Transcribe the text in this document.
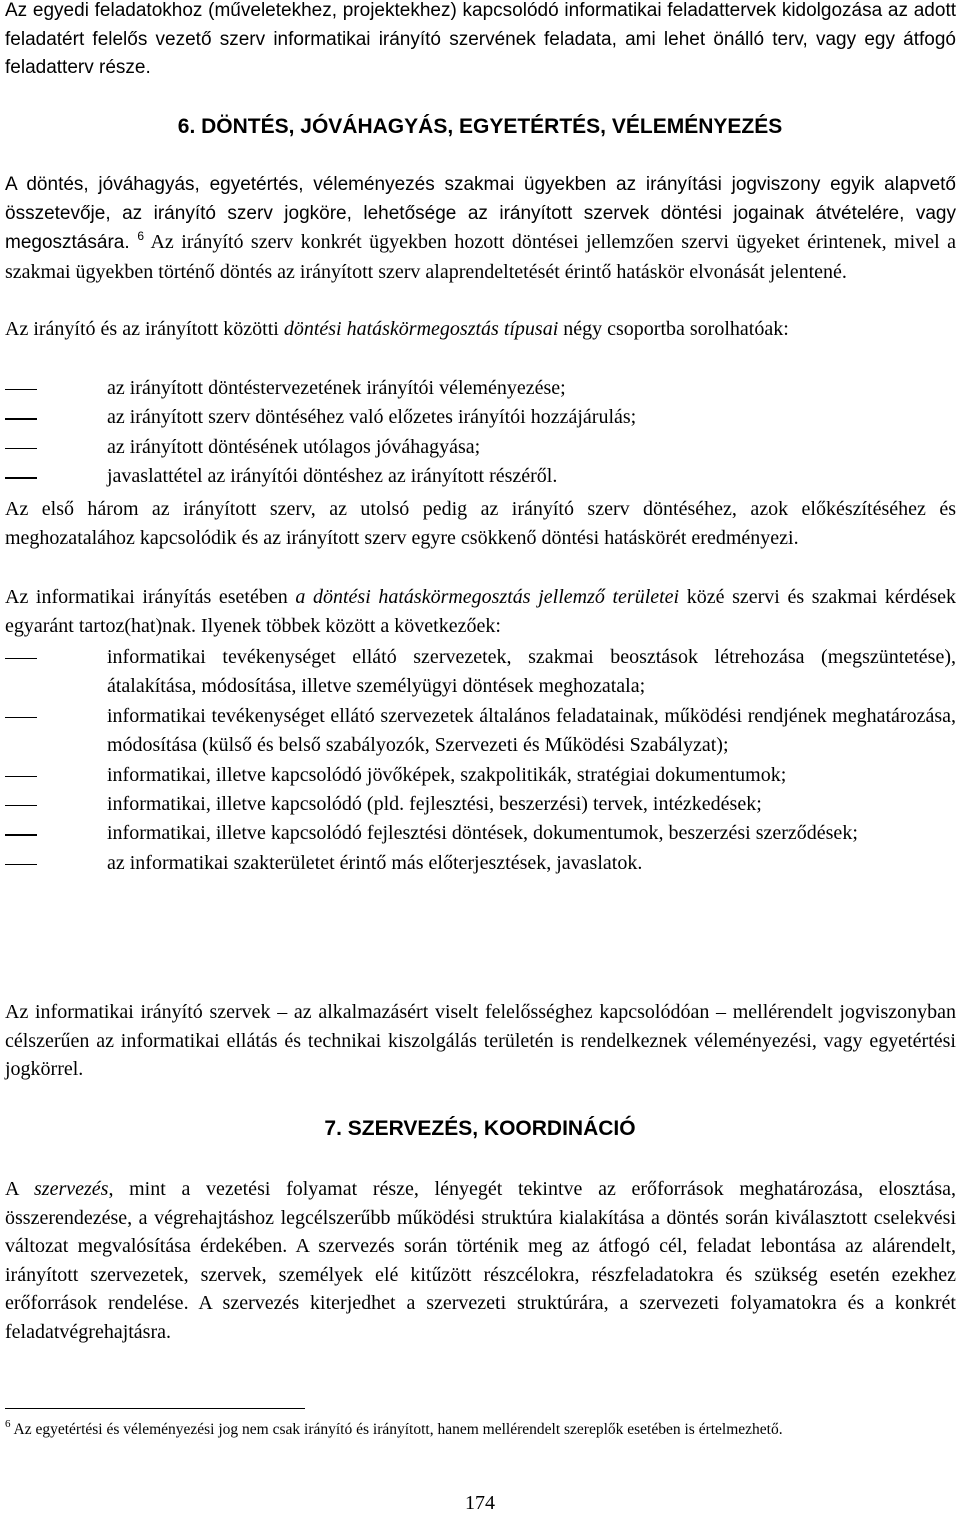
Az egyedi feladatokhoz (műveletekhez, projektekhez) kapcsolódó informatikai feladattervek kidolgozása az adott feladatért felelős vezető szerv informatikai irányító szervének feladata, ami lehet önálló terv, vagy egy átfogó feladatterv része.

6. DÖNTÉS, JÓVÁHAGYÁS, EGYETÉRTÉS, VÉLEMÉNYEZÉS

A döntés, jóváhagyás, egyetértés, véleményezés szakmai ügyekben az irányítási jogviszony egyik alapvető összetevője, az irányító szerv jogköre, lehetősége az irányított szervek döntési jogainak átvételére, vagy megosztására. $^6$ Az irányító szerv konkrét ügyekben hozott döntései jellemzően szervi ügyeket érintenek, mivel a szakmai ügyekben történő döntés az irányított szerv alaprendeltetését érintő hatáskör elvonását jelentené.

Az irányító és az irányított közötti döntési hatáskörmegosztás típusai négy csoportba sorolhatóak:

az irányított döntéstervezetének irányítói véleményezése;
az irányított szerv döntéséhez való előzetes irányítói hozzájárulás;
az irányított döntésének utólagos jóváhagyása;
javaslattétel az irányítói döntéshez az irányított részéről.

Az első három az irányított szerv, az utolsó pedig az irányító szerv döntéséhez, azok előkészítéséhez és meghozatalához kapcsolódik és az irányított szerv egyre csökkenő döntési hatáskörét eredményezi.

Az informatikai irányítás esetében a döntési hatáskörmegosztás jellemző területei közé szervi és szakmai kérdések egyaránt tartoz(hat)nak. Ilyenek többek között a következőek:

informatikai tevékenységet ellátó szervezetek, szakmai beosztások létrehozása (megszüntetése), átalakítása, módosítása, illetve személyügyi döntések meghozatala;
informatikai tevékenységet ellátó szervezetek általános feladatainak, működési rendjének meghatározása, módosítása (külső és belső szabályozók, Szervezeti és Működési Szabályzat);
informatikai, illetve kapcsolódó jövőképek, szakpolitikák, stratégiai dokumentumok;
informatikai, illetve kapcsolódó (pld. fejlesztési, beszerzési) tervek, intézkedések;
informatikai, illetve kapcsolódó fejlesztési döntések, dokumentumok, beszerzési szerződések;
az informatikai szakterületet érintő más előterjesztések, javaslatok.

Az informatikai irányító szervek – az alkalmazásért viselt felelősséghez kapcsolódóan – mellérendelt jogviszonyban célszerűen az informatikai ellátás és technikai kiszolgálás területén is rendelkeznek véleményezési, vagy egyetértési jogkörrel.

7. SZERVEZÉS, KOORDINÁCIÓ

A szervezés, mint a vezetési folyamat része, lényegét tekintve az erőforrások meghatározása, elosztása, összerendezése, a végrehajtáshoz legcélszerűbb működési struktúra kialakítása a döntés során kiválasztott cselekvési változat megvalósítása érdekében. A szervezés során történik meg az átfogó cél, feladat lebontása az alárendelt, irányított szervezetek, szervek, személyek elé kitűzött részcélokra, részfeladatokra és szükség esetén ezekhez erőforrások rendelése. A szervezés kiterjedhet a szervezeti struktúrára, a szervezeti folyamatokra és a konkrét feladatvégrehajtásra.

$^6$ Az egyetértési és véleményezési jog nem csak irányító és irányított, hanem mellérendelt szereplők esetében is értelmezhető.

174
